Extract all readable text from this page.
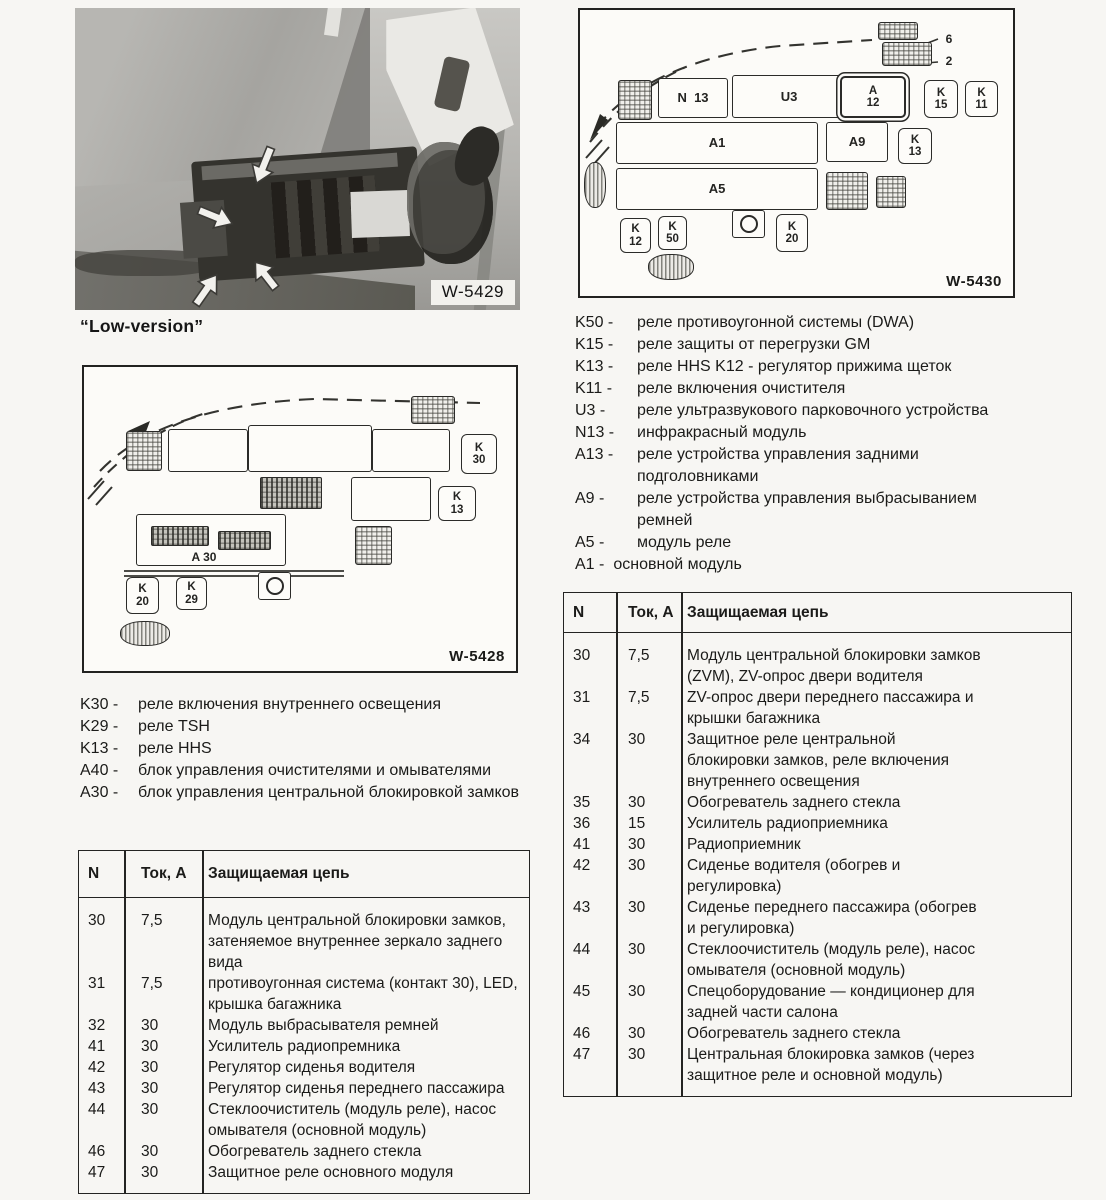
W-5429
“Low-version”
W-5430
N  13	U3	A
12
K
15
K
11
A1	A9	K
13
A5
K
12
K
50
K
20
6
2
K50 -	реле противоугонной системы (DWA)
K15 -	реле защиты от перегрузки GM
K13 -	реле HHS K12 - регулятор прижима щеток
K11 -	реле включения очистителя
U3 -	реле ультразвукового парковочного устройства
N13 -	инфракрасный модуль
A13 -	реле устройства управления задними
подголовниками
A9 -	реле устройства управления выбрасыванием
ремней
A5 -	модуль реле
A1 - основной модуль
W-5428
K
30
K
13
A 30
K
20
K
29
K30 -	реле включения внутреннего освещения
K29 -	реле TSH
K13 -	реле HHS
A40 -	блок управления очистителями и омывателями
A30 -	блок управления центральной блокировкой замков
N	Ток, А	Защищаемая цепь
30	7,5	Модуль центральной блокировки замков,
затеняемое внутреннее зеркало заднего
вида
31	7,5	противоугонная система (контакт 30), LED,
крышка багажника
32	30	Модуль выбрасывателя ремней
41	30	Усилитель радиопремника
42	30	Регулятор сиденья водителя
43	30	Регулятор сиденья переднего пассажира
44	30	Стеклоочиститель (модуль реле), насос
омывателя (основной модуль)
46	30	Обогреватель заднего стекла
47	30	Защитное реле основного модуля
N	Ток, А Защищаемая цепь
30	7,5	Модуль центральной блокировки замков
(ZVM), ZV-опрос двери водителя
31	7,5	ZV-опрос двери переднего пассажира и
крышки багажника
34	30	Защитное реле центральной
блокировки замков, реле включения
внутреннего освещения
35	30	Обогреватель заднего стекла
36	15	Усилитель радиоприемника
41	30	Радиоприемник
42	30	Сиденье водителя (обогрев и
регулировка)
43	30	Сиденье переднего пассажира (обогрев
и регулировка)
44	30	Стеклоочиститель (модуль реле), насос
омывателя (основной модуль)
45	30	Спецоборудование — кондиционер для
задней части салона
46	30	Обогреватель заднего стекла
47	30	Центральная блокировка замков (через
защитное реле и основной модуль)
